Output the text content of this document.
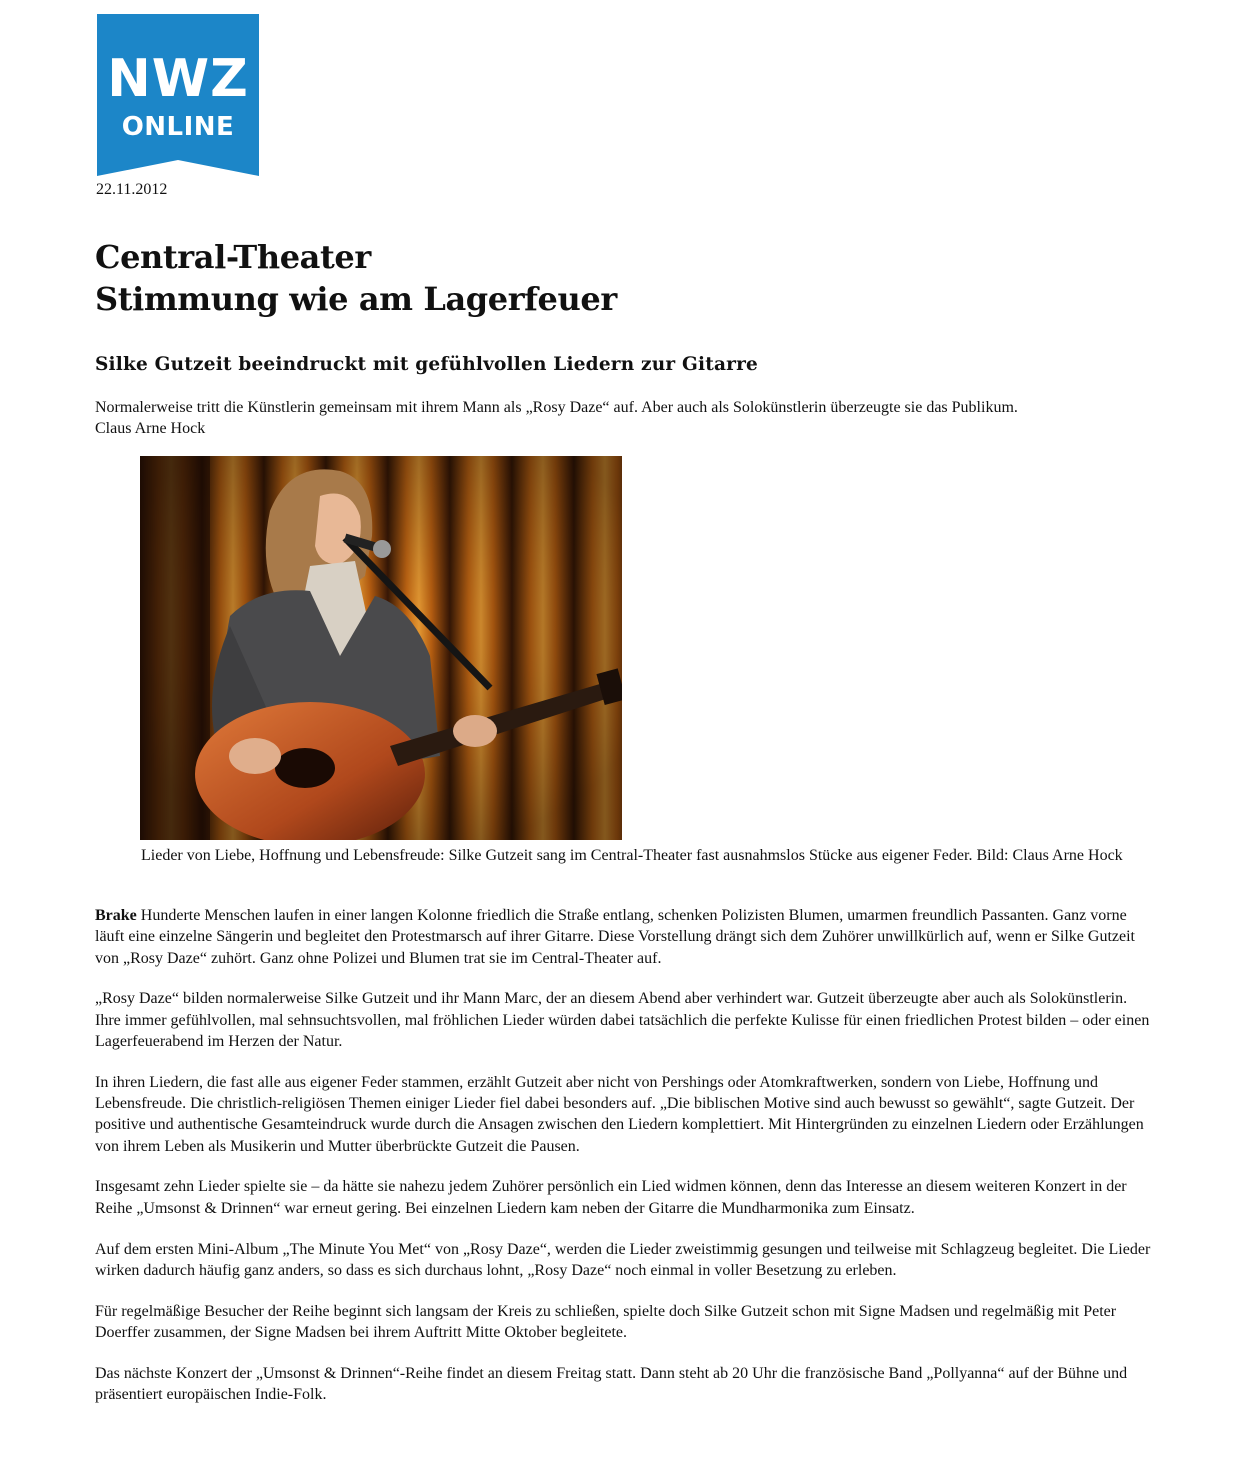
NWZ
ONLINE
22.11.2012
Central-Theater
Stimmung wie am Lagerfeuer
Silke Gutzeit beeindruckt mit gefühlvollen Liedern zur Gitarre
Normalerweise tritt die Künstlerin gemeinsam mit ihrem Mann als „Rosy Daze“ auf. Aber auch als Solokünstlerin überzeugte sie das Publikum.
Claus Arne Hock
Lieder von Liebe, Hoffnung und Lebensfreude: Silke Gutzeit sang im Central-Theater fast ausnahmslos Stücke aus eigener Feder. Bild: Claus Arne Hock

Brake Hunderte Menschen laufen in einer langen Kolonne friedlich die Straße entlang, schenken Polizisten Blumen, umarmen freundlich Passanten. Ganz vorne läuft eine einzelne Sängerin und begleitet den Protestmarsch auf ihrer Gitarre. Diese Vorstellung drängt sich dem Zuhörer unwillkürlich auf, wenn er Silke Gutzeit von „Rosy Daze“ zuhört. Ganz ohne Polizei und Blumen trat sie im Central-Theater auf.

„Rosy Daze“ bilden normalerweise Silke Gutzeit und ihr Mann Marc, der an diesem Abend aber verhindert war. Gutzeit überzeugte aber auch als Solokünstlerin. Ihre immer gefühlvollen, mal sehnsuchtsvollen, mal fröhlichen Lieder würden dabei tatsächlich die perfekte Kulisse für einen friedlichen Protest bilden – oder einen Lagerfeuerabend im Herzen der Natur.

In ihren Liedern, die fast alle aus eigener Feder stammen, erzählt Gutzeit aber nicht von Pershings oder Atomkraftwerken, sondern von Liebe, Hoffnung und Lebensfreude. Die christlich-religiösen Themen einiger Lieder fiel dabei besonders auf. „Die biblischen Motive sind auch bewusst so gewählt“, sagte Gutzeit. Der positive und authentische Gesamteindruck wurde durch die Ansagen zwischen den Liedern komplettiert. Mit Hintergründen zu einzelnen Liedern oder Erzählungen von ihrem Leben als Musikerin und Mutter überbrückte Gutzeit die Pausen.

Insgesamt zehn Lieder spielte sie – da hätte sie nahezu jedem Zuhörer persönlich ein Lied widmen können, denn das Interesse an diesem weiteren Konzert in der Reihe „Umsonst & Drinnen“ war erneut gering. Bei einzelnen Liedern kam neben der Gitarre die Mundharmonika zum Einsatz.

Auf dem ersten Mini-Album „The Minute You Met“ von „Rosy Daze“, werden die Lieder zweistimmig gesungen und teilweise mit Schlagzeug begleitet. Die Lieder wirken dadurch häufig ganz anders, so dass es sich durchaus lohnt, „Rosy Daze“ noch einmal in voller Besetzung zu erleben.

Für regelmäßige Besucher der Reihe beginnt sich langsam der Kreis zu schließen, spielte doch Silke Gutzeit schon mit Signe Madsen und regelmäßig mit Peter Doerffer zusammen, der Signe Madsen bei ihrem Auftritt Mitte Oktober begleitete.

Das nächste Konzert der „Umsonst & Drinnen“-Reihe findet an diesem Freitag statt. Dann steht ab 20 Uhr die französische Band „Pollyanna“ auf der Bühne und präsentiert europäischen Indie-Folk.
